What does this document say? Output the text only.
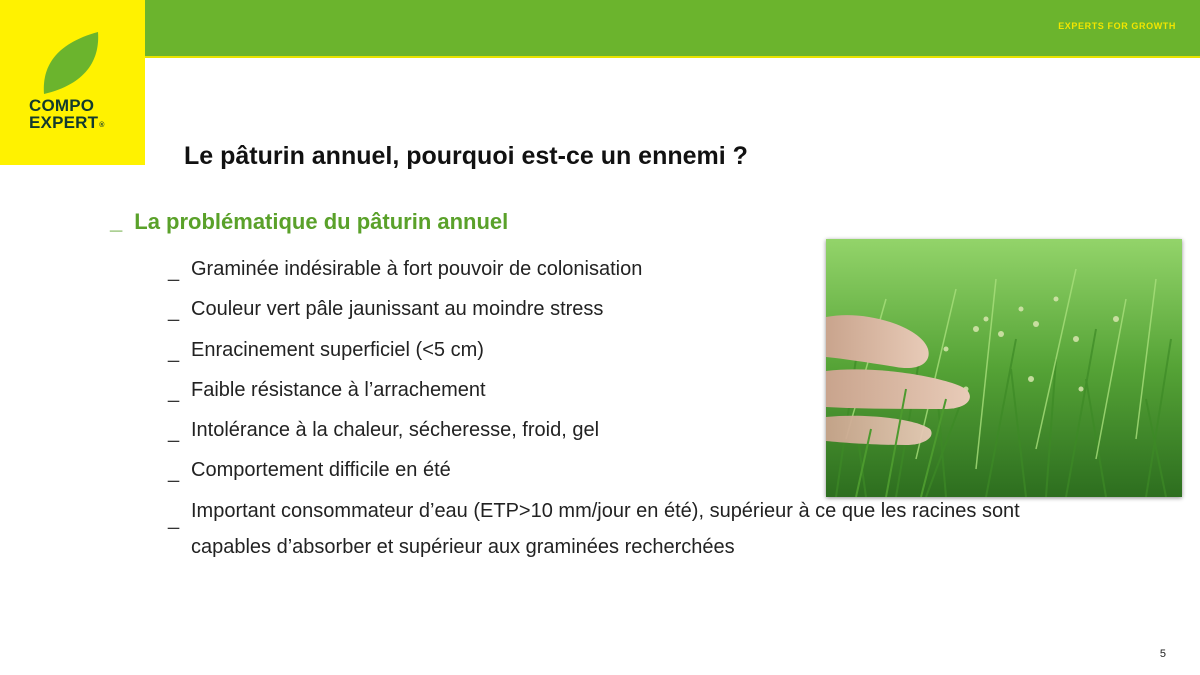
EXPERTS FOR GROWTH
COMPO
EXPERT®
Le pâturin annuel, pourquoi est-ce un ennemi ?
_ La problématique du pâturin annuel
_ Graminée indésirable à fort pouvoir de colonisation
_ Couleur vert pâle jaunissant au moindre stress
_ Enracinement superficiel (<5 cm)
_ Faible résistance à l’arrachement
_ Intolérance à la chaleur, sécheresse, froid, gel
_ Comportement difficile en été
_ Important consommateur d’eau (ETP>10 mm/jour en été), supérieur à ce que les racines sont capables d’absorber et supérieur aux graminées recherchées
5
